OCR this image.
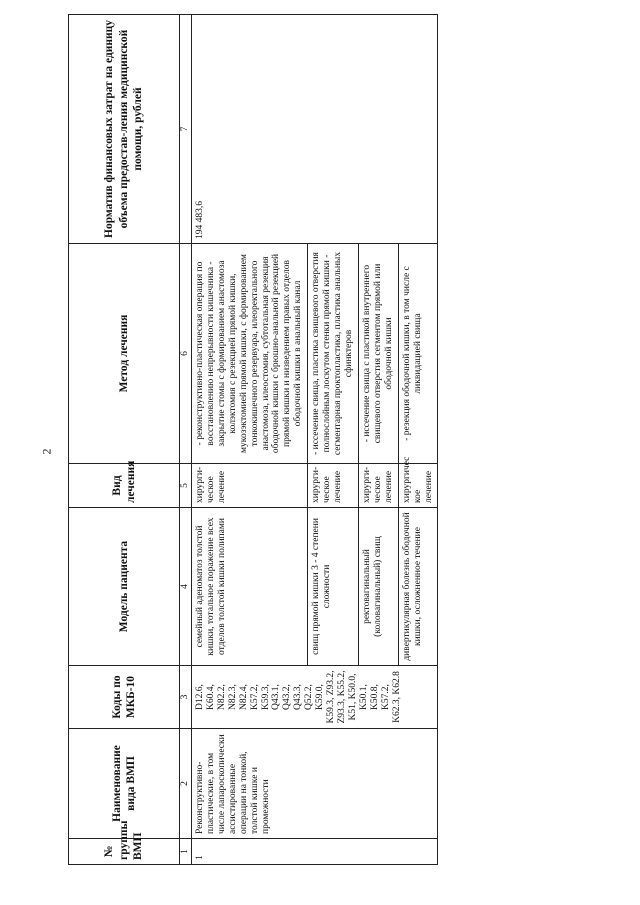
2
№ группы ВМП	Наименование вида ВМП	Коды по МКБ-10	Модель пациента	Вид лечения	Метод лечения	Норматив финансовых затрат на единицу объема предостав-ления медицинской помощи, рублей
1	2	3	4	5	6	7
1	Реконструктивно-пластические, в том числе лапароскопически ассистированные операции на тонкой, толстой кишке и промежности	D12.6, K60.4, N82.2, N82.3, N82.4, K57.2, K59.3, Q43.1, Q43.2, Q43.3, Q52.2, K59.0, K59.3, Z93.2, Z93.3, K55.2, K51, K50.0, K50.1, K50.8, K57.2, K62.3, K62.8	семейный аденоматоз толстой кишки, тотальное поражение всех отделов толстой кишки полипами	хирурги-ческое лечение	- реконструктивно-пластическая операция по восстановлению непрерывности кишечника - закрытие стомы с формированием анастомоза колэктомия с резекцией прямой кишки, мукозэктомией прямой кишки, с формированием тонкокишечного резервуара, илеоректального анастомоза, илеостомия, субтотальная резекция ободочной кишки с брюшно-анальной резекцией прямой кишки и низведением правых отделов ободочной кишки в анальный канал	194 483,6
			свищ прямой кишки 3 - 4 степени сложности	хирурги-ческое лечение	- иссечение свища, пластика свищевого отверстия полнослойным лоскутом стенки прямой кишки - сегментарная проктопластика, пластика анальных сфинктеров	
			ректовагинальный (коловагинальный) свищ	хирурги-ческое лечение	- иссечение свища с пластикой внутреннего свищевого отверстия сегментом прямой или ободочной кишки	
			дивертикулярная болезнь ободочной кишки, осложненное течение	хирургичес кое лечение	- резекция ободочной кишки, в том числе с ликвидацией свища	
